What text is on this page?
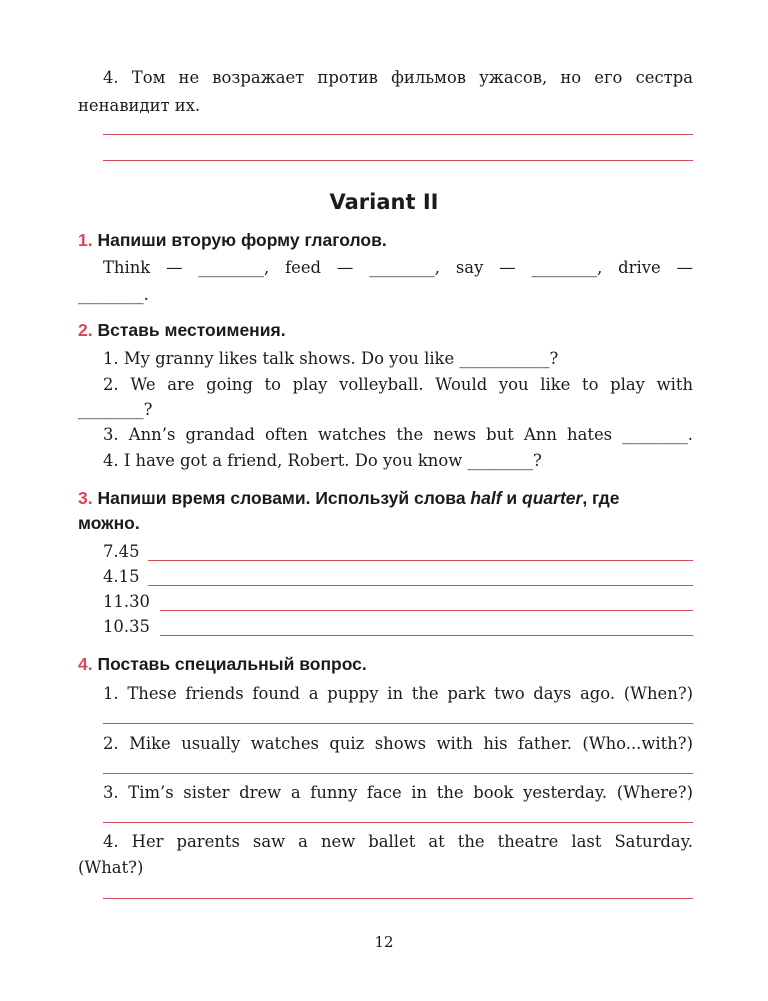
4. Том не возражает против фильмов ужасов, но его сестра
ненавидит их.
Variant II
1. Напиши вторую форму глаголов.
Think — ________, feed — ________, say — ________, drive —
________.
2. Вставь местоимения.
1. My granny likes talk shows. Do you like ___________?
2. We are going to play volleyball. Would you like to play with
________?
3. Ann’s grandad often watches the news but Ann hates ________.
4. I have got a friend, Robert. Do you know ________?
3. Напиши время словами. Используй слова half и quarter, где
можно.
7.45
4.15
11.30
10.35
4. Поставь специальный вопрос.
1. These friends found a puppy in the park two days ago. (When?)
2. Mike usually watches quiz shows with his father. (Who...with?)
3. Tim’s sister drew a funny face in the book yesterday. (Where?)
4. Her parents saw a new ballet at the theatre last Saturday.
(What?)
12
